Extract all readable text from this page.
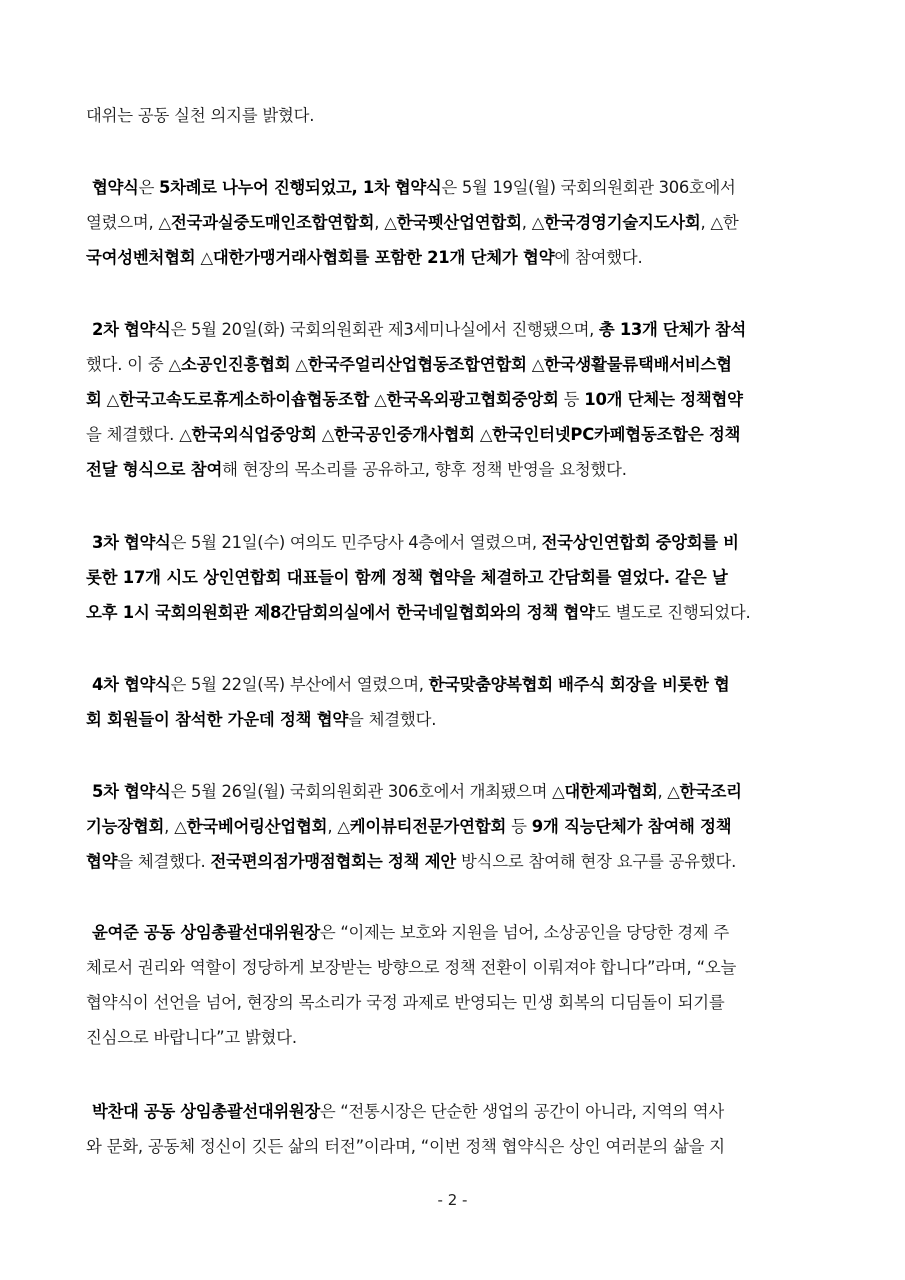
대위는 공동 실천 의지를 밝혔다.

협약식은 5차례로 나누어 진행되었고, 1차 협약식은 5월 19일(월) 국회의원회관 306호에서
열렸으며, △전국과실중도매인조합연합회, △한국펫산업연합회, △한국경영기술지도사회, △한
국여성벤처협회 △대한가맹거래사협회를 포함한 21개 단체가 협약에 참여했다.

2차 협약식은 5월 20일(화) 국회의원회관 제3세미나실에서 진행됐으며, 총 13개 단체가 참석
했다. 이 중 △소공인진흥협회 △한국주얼리산업협동조합연합회 △한국생활물류택배서비스협
회 △한국고속도로휴게소하이숍협동조합 △한국옥외광고협회중앙회 등 10개 단체는 정책협약
을 체결했다. △한국외식업중앙회 △한국공인중개사협회 △한국인터넷PC카페협동조합은 정책
전달 형식으로 참여해 현장의 목소리를 공유하고, 향후 정책 반영을 요청했다.

3차 협약식은 5월 21일(수) 여의도 민주당사 4층에서 열렸으며, 전국상인연합회 중앙회를 비
롯한 17개 시도 상인연합회 대표들이 함께 정책 협약을 체결하고 간담회를 열었다. 같은 날
오후 1시 국회의원회관 제8간담회의실에서 한국네일협회와의 정책 협약도 별도로 진행되었다.

4차 협약식은 5월 22일(목) 부산에서 열렸으며, 한국맞춤양복협회 배주식 회장을 비롯한 협
회 회원들이 참석한 가운데 정책 협약을 체결했다.

5차 협약식은 5월 26일(월) 국회의원회관 306호에서 개최됐으며 △대한제과협회, △한국조리
기능장협회, △한국베어링산업협회, △케이뷰티전문가연합회 등 9개 직능단체가 참여해 정책
협약을 체결했다. 전국편의점가맹점협회는 정책 제안 방식으로 참여해 현장 요구를 공유했다.

윤여준 공동 상임총괄선대위원장은 “이제는 보호와 지원을 넘어, 소상공인을 당당한 경제 주
체로서 권리와 역할이 정당하게 보장받는 방향으로 정책 전환이 이뤄져야 합니다”라며, “오늘
협약식이 선언을 넘어, 현장의 목소리가 국정 과제로 반영되는 민생 회복의 디딤돌이 되기를
진심으로 바랍니다”고 밝혔다.

박찬대 공동 상임총괄선대위원장은 “전통시장은 단순한 생업의 공간이 아니라, 지역의 역사
와 문화, 공동체 정신이 깃든 삶의 터전”이라며, “이번 정책 협약식은 상인 여러분의 삶을 지

- 2 -
